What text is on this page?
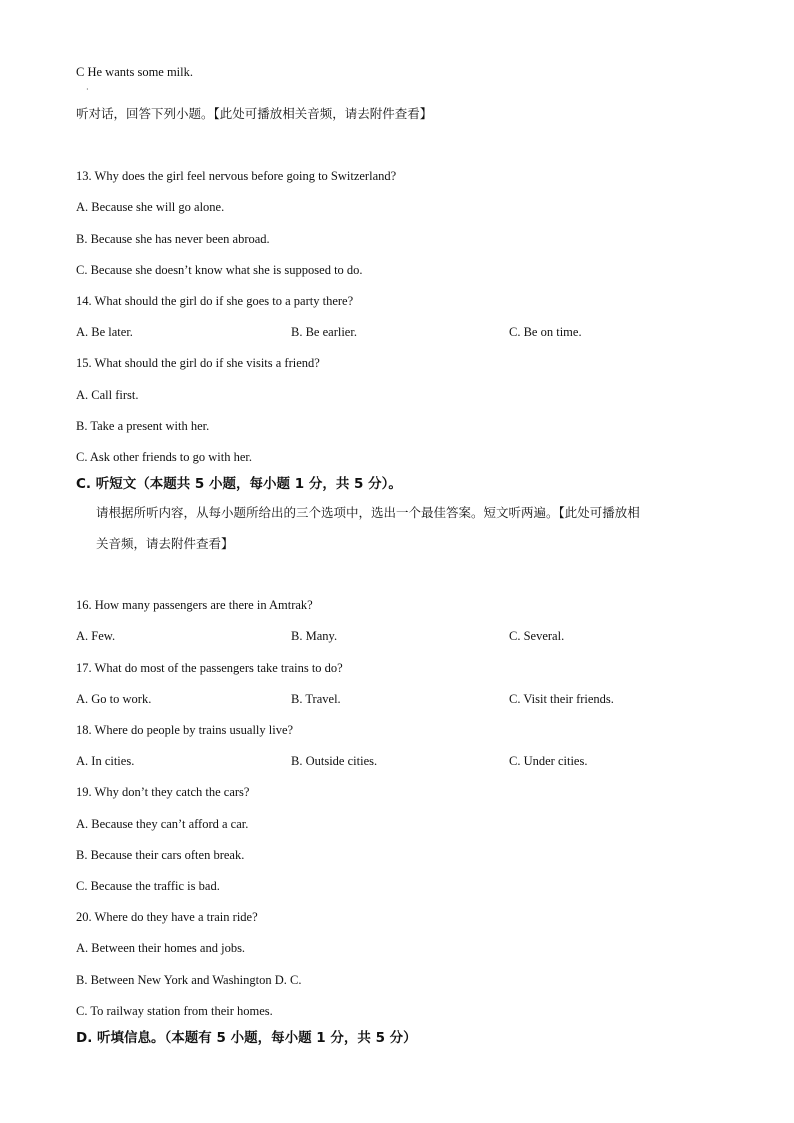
C He wants some milk.
·
听对话，回答下列小题。【此处可播放相关音频，请去附件查看】
13. Why does the girl feel nervous before going to Switzerland?
A. Because she will go alone.
B. Because she has never been abroad.
C. Because she doesn’t know what she is supposed to do.
14. What should the girl do if she goes to a party there?
A. Be later.	B. Be earlier.	C. Be on time.
15. What should the girl do if she visits a friend?
A. Call first.
B. Take a present with her.
C. Ask other friends to go with her.
C. 听短文（本题共 5 小题，每小题 1 分，共 5 分）。
请根据所听内容，从每小题所给出的三个选项中，选出一个最佳答案。短文听两遍。【此处可播放相
关音频，请去附件查看】
16. How many passengers are there in Amtrak?
A. Few.	B. Many.	C. Several.
17. What do most of the passengers take trains to do?
A. Go to work.	B. Travel.	C. Visit their friends.
18. Where do people by trains usually live?
A. In cities.	B. Outside cities.	C. Under cities.
19. Why don’t they catch the cars?
A. Because they can’t afford a car.
B. Because their cars often break.
C. Because the traffic is bad.
20. Where do they have a train ride?
A. Between their homes and jobs.
B. Between New York and Washington D. C.
C. To railway station from their homes.
D. 听填信息。（本题有 5 小题，每小题 1 分，共 5 分）
